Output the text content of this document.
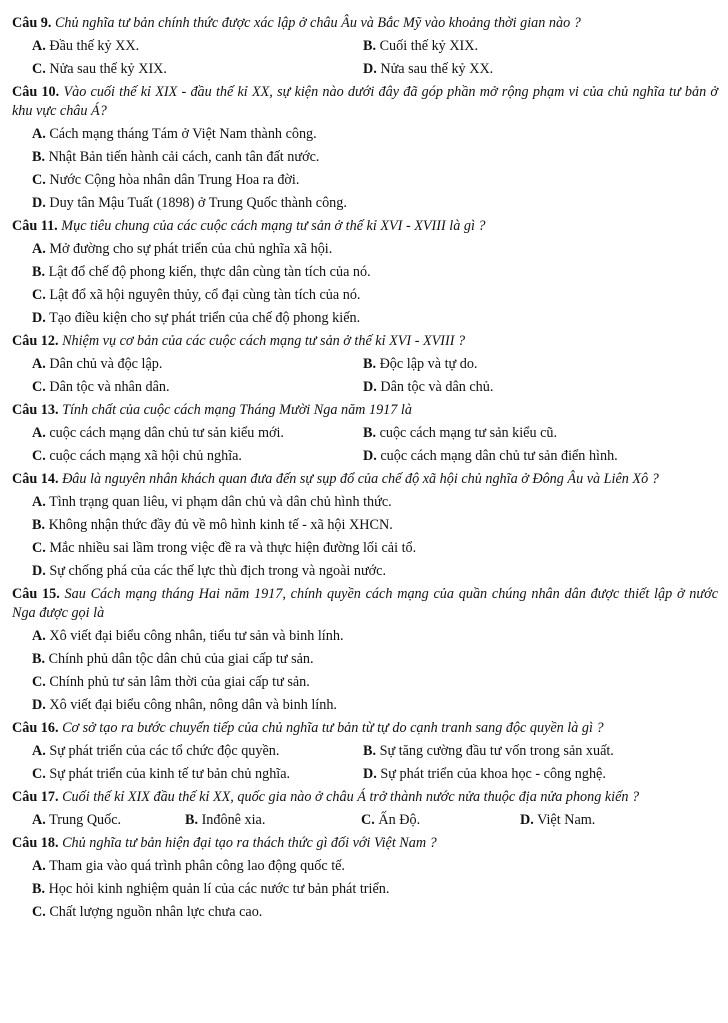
Câu 9. Chủ nghĩa tư bản chính thức được xác lập ở châu Âu và Bắc Mỹ vào khoảng thời gian nào ?
A. Đầu thế kỷ XX.	B. Cuối thế kỷ XIX.
C. Nửa sau thế kỷ XIX.	D. Nửa sau thế kỷ XX.
Câu 10. Vào cuối thế kỉ XIX - đầu thế kỉ XX, sự kiện nào dưới đây đã góp phần mở rộng phạm vi của chủ nghĩa tư bản ở khu vực châu Á?
A. Cách mạng tháng Tám ở Việt Nam thành công.
B. Nhật Bản tiến hành cải cách, canh tân đất nước.
C. Nước Cộng hòa nhân dân Trung Hoa ra đời.
D. Duy tân Mậu Tuất (1898) ở Trung Quốc thành công.
Câu 11. Mục tiêu chung của các cuộc cách mạng tư sản ở thế kỉ XVI - XVIII là gì ?
A. Mở đường cho sự phát triển của chủ nghĩa xã hội.
B. Lật đổ chế độ phong kiến, thực dân cùng tàn tích của nó.
C. Lật đổ xã hội nguyên thủy, cổ đại cùng tàn tích của nó.
D. Tạo điều kiện cho sự phát triển của chế độ phong kiến.
Câu 12. Nhiệm vụ cơ bản của các cuộc cách mạng tư sản ở thế kỉ XVI - XVIII ?
A. Dân chủ và độc lập.	B. Độc lập và tự do.
C. Dân tộc và nhân dân.	D. Dân tộc và dân chủ.
Câu 13. Tính chất của cuộc cách mạng Tháng Mười Nga năm 1917 là
A. cuộc cách mạng dân chủ tư sản kiểu mới.	B. cuộc cách mạng tư sản kiểu cũ.
C. cuộc cách mạng xã hội chủ nghĩa.	D. cuộc cách mạng dân chủ tư sản điển hình.
Câu 14. Đâu là nguyên nhân khách quan đưa đến sự sụp đổ của chế độ xã hội chủ nghĩa ở Đông Âu và Liên Xô ?
A. Tình trạng quan liêu, vi phạm dân chủ và dân chủ hình thức.
B. Không nhận thức đầy đủ về mô hình kinh tế - xã hội XHCN.
C. Mắc nhiều sai lầm trong việc đề ra và thực hiện đường lối cải tổ.
D. Sự chống phá của các thế lực thù địch trong và ngoài nước.
Câu 15. Sau Cách mạng tháng Hai năm 1917, chính quyền cách mạng của quần chúng nhân dân được thiết lập ở nước Nga được gọi là
A. Xô viết đại biểu công nhân, tiểu tư sản và binh lính.
B. Chính phủ dân tộc dân chủ của giai cấp tư sản.
C. Chính phủ tư sản lâm thời của giai cấp tư sản.
D. Xô viết đại biểu công nhân, nông dân và binh lính.
Câu 16. Cơ sở tạo ra bước chuyển tiếp của chủ nghĩa tư bản từ tự do cạnh tranh sang độc quyền là gì ?
A. Sự phát triển của các tổ chức độc quyền.	B. Sự tăng cường đầu tư vốn trong sản xuất.
C. Sự phát triển của kinh tế tư bản chủ nghĩa.	D. Sự phát triển của khoa học - công nghệ.
Câu 17. Cuối thế kỉ XIX đầu thế kỉ XX, quốc gia nào ở châu Á trở thành nước nửa thuộc địa nửa phong kiến ?
A. Trung Quốc.	B. Inđônê xia.	C. Ấn Độ.	D. Việt Nam.
Câu 18. Chủ nghĩa tư bản hiện đại tạo ra thách thức gì đối với Việt Nam ?
A. Tham gia vào quá trình phân công lao động quốc tế.
B. Học hỏi kinh nghiệm quản lí của các nước tư bản phát triển.
C. Chất lượng nguồn nhân lực chưa cao.
